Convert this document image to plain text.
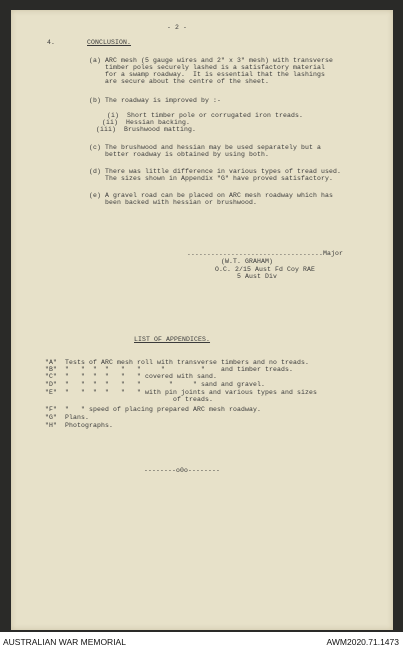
- 2 -
4.	CONCLUSION.
(a) ARC mesh (5 gauge wires and 2" x 3" mesh) with transverse
timber poles securely lashed is a satisfactory material
for a swamp roadway.  It is essential that the lashings
are secure about the centre of the sheet.
(b) The roadway is improved by :-
(i)  Short timber pole or corrugated iron treads.
(ii)  Hessian backing.
(iii)  Brushwood matting.
(c) The brushwood and hessian may be used separately but a
better roadway is obtained by using both.
(d) There was little difference in various types of tread used.
The sizes shown in Appendix "G" have proved satisfactory.
(e) A gravel road can be placed on ARC mesh roadway which has
been backed with hessian or brushwood.
..................................Major
(W.T. GRAHAM)
O.C. 2/15 Aust Fd Coy RAE
5 Aust Div
LIST OF APPENDICES.
"A"  Tests of ARC mesh roll with transverse timbers and no treads.
"B"  "   "  "  "   "   "     "         "    and timber treads.
"C"  "   "  "  "   "   " covered with sand.
"D"  "   "  "  "   "   "       "     " sand and gravel.
"E"  "   "  "  "   "   " with pin joints and various types and sizes
of treads.
"F"  "   " speed of placing prepared ARC mesh roadway.
"G"  Plans.
"H"  Photographs.
--------o0o--------
AUSTRALIAN WAR MEMORIAL	AWM2020.71.1473
